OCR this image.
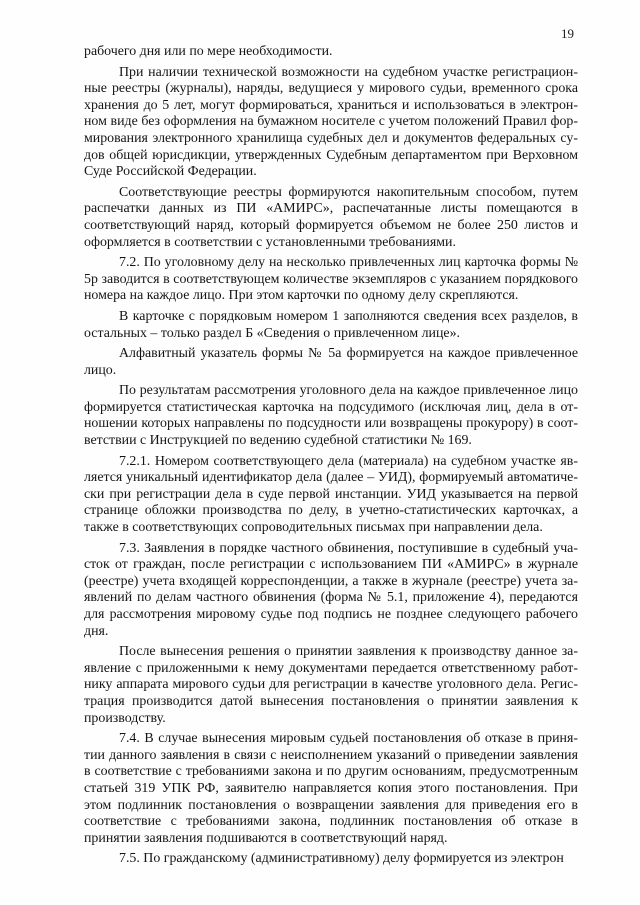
19

рабочего дня или по мере необходимости.

При наличии технической возможности на судебном участке регистрационные реестры (журналы), наряды, ведущиеся у мирового судьи, временного срока хранения до 5 лет, могут формироваться, храниться и использоваться в электронном виде без оформления на бумажном носителе с учетом положений Правил формирования электронного хранилища судебных дел и документов федеральных судов общей юрисдикции, утвержденных Судебным департаментом при Верховном Суде Российской Федерации.

Соответствующие реестры формируются накопительным способом, путем распечатки данных из ПИ «АМИРС», распечатанные листы помещаются в соответствующий наряд, который формируется объемом не более 250 листов и оформляется в соответствии с установленными требованиями.

7.2. По уголовному делу на несколько привлеченных лиц карточка формы № 5р заводится в соответствующем количестве экземпляров с указанием порядкового номера на каждое лицо. При этом карточки по одному делу скрепляются.

В карточке с порядковым номером 1 заполняются сведения всех разделов, в остальных – только раздел Б «Сведения о привлеченном лице».

Алфавитный указатель формы № 5а формируется на каждое привлеченное лицо.

По результатам рассмотрения уголовного дела на каждое привлеченное лицо формируется статистическая карточка на подсудимого (исключая лиц, дела в отношении которых направлены по подсудности или возвращены прокурору) в соответствии с Инструкцией по ведению судебной статистики № 169.

7.2.1. Номером соответствующего дела (материала) на судебном участке является уникальный идентификатор дела (далее – УИД), формируемый автоматически при регистрации дела в суде первой инстанции. УИД указывается на первой странице обложки производства по делу, в учетно-статистических карточках, а также в соответствующих сопроводительных письмах при направлении дела.

7.3. Заявления в порядке частного обвинения, поступившие в судебный участок от граждан, после регистрации с использованием ПИ «АМИРС» в журнале (реестре) учета входящей корреспонденции, а также в журнале (реестре) учета заявлений по делам частного обвинения (форма № 5.1, приложение 4), передаются для рассмотрения мировому судье под подпись не позднее следующего рабочего дня.

После вынесения решения о принятии заявления к производству данное заявление с приложенными к нему документами передается ответственному работнику аппарата мирового судьи для регистрации в качестве уголовного дела. Регистрация производится датой вынесения постановления о принятии заявления к производству.

7.4. В случае вынесения мировым судьей постановления об отказе в принятии данного заявления в связи с неисполнением указаний о приведении заявления в соответствие с требованиями закона и по другим основаниям, предусмотренным статьей 319 УПК РФ, заявителю направляется копия этого постановления. При этом подлинник постановления о возвращении заявления для приведения его в соответствие с требованиями закона, подлинник постановления об отказе в принятии заявления подшиваются в соответствующий наряд.

7.5. По гражданскому (административному) делу формируется из электрон
